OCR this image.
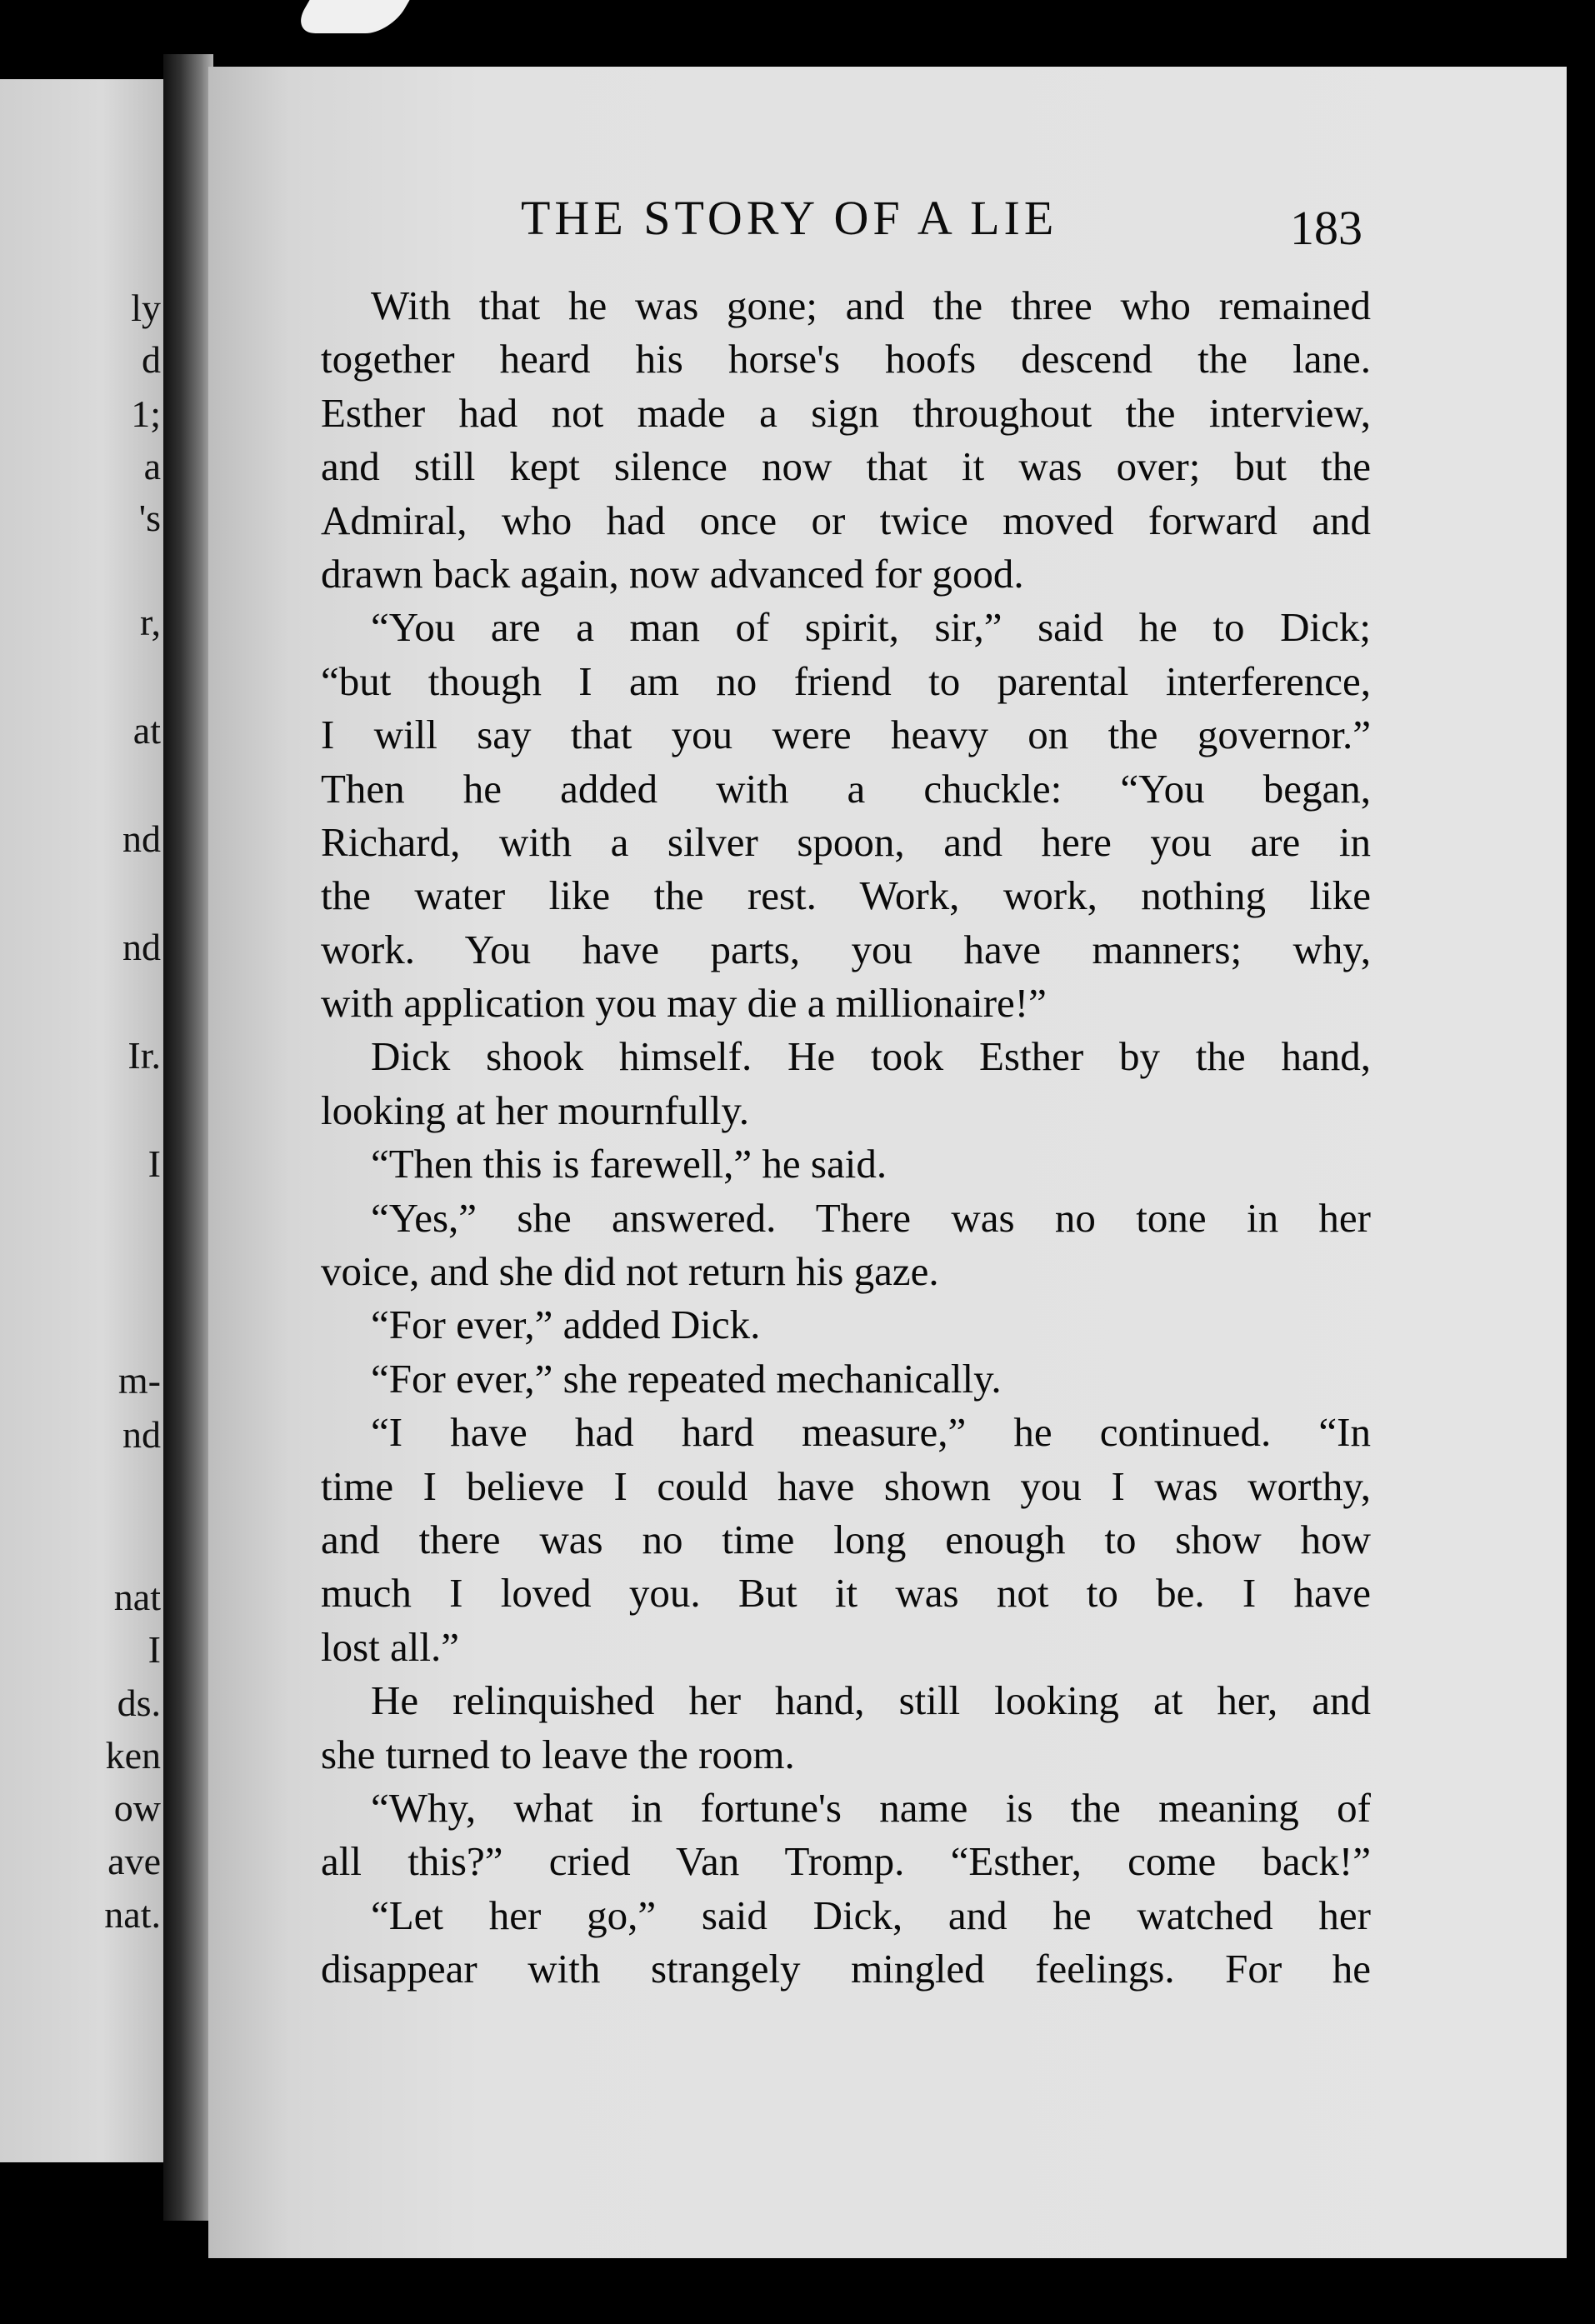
ly
d
1;
a
's
r,
at
nd
nd
Ir.
I
m-
nd
nat
I
ds.
ken
ow
ave
nat.
THE STORY OF A LIE	183
With that he was gone; and the three who remained
together heard his horse's hoofs descend the lane.
Esther had not made a sign throughout the interview,
and still kept silence now that it was over; but the
Admiral, who had once or twice moved forward and
drawn back again, now advanced for good.
“You are a man of spirit, sir,” said he to Dick;
“but though I am no friend to parental interference,
I will say that you were heavy on the governor.”
Then he added with a chuckle: “You began,
Richard, with a silver spoon, and here you are in
the water like the rest. Work, work, nothing like
work. You have parts, you have manners; why,
with application you may die a millionaire!”
Dick shook himself. He took Esther by the hand,
looking at her mournfully.
“Then this is farewell,” he said.
“Yes,” she answered. There was no tone in her
voice, and she did not return his gaze.
“For ever,” added Dick.
“For ever,” she repeated mechanically.
“I have had hard measure,” he continued. “In
time I believe I could have shown you I was worthy,
and there was no time long enough to show how
much I loved you. But it was not to be. I have
lost all.”
He relinquished her hand, still looking at her, and
she turned to leave the room.
“Why, what in fortune's name is the meaning of
all this?” cried Van Tromp. “Esther, come back!”
“Let her go,” said Dick, and he watched her
disappear with strangely mingled feelings. For he
